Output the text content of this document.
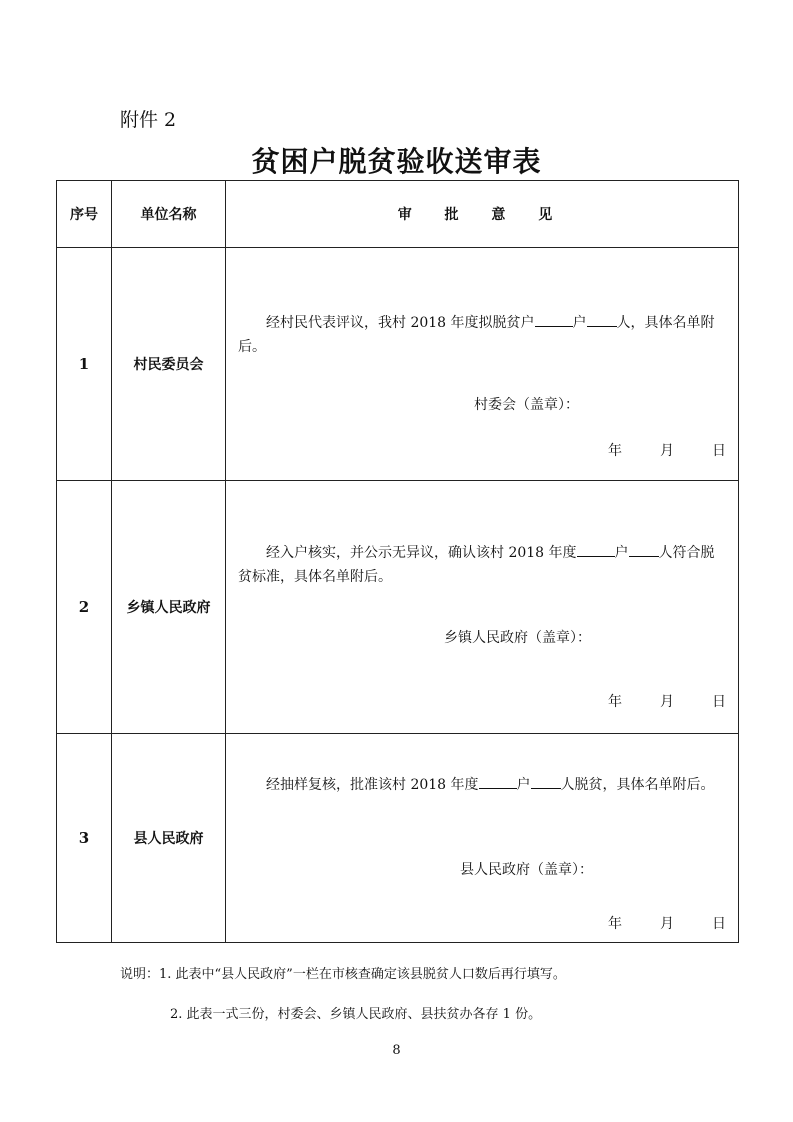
附件 2
贫困户脱贫验收送审表
序号	单位名称	审 批 意 见
1	村民委员会	经村民代表评议，我村 2018 年度拟脱贫户 户 人，具体名单附后。
村委会（盖章）：
年 月 日

2	乡镇人民政府	经入户核实，并公示无异议，确认该村 2018 年度 户 人符合脱贫标准，具体名单附后。
乡镇人民政府（盖章）：
年 月 日

3	县人民政府	经抽样复核，批准该村 2018 年度 户 人脱贫，具体名单附后。
县人民政府（盖章）：
年 月 日
说明：1. 此表中“县人民政府”一栏在市核查确定该县脱贫人口数后再行填写。
2. 此表一式三份，村委会、乡镇人民政府、县扶贫办各存 1 份。
8
